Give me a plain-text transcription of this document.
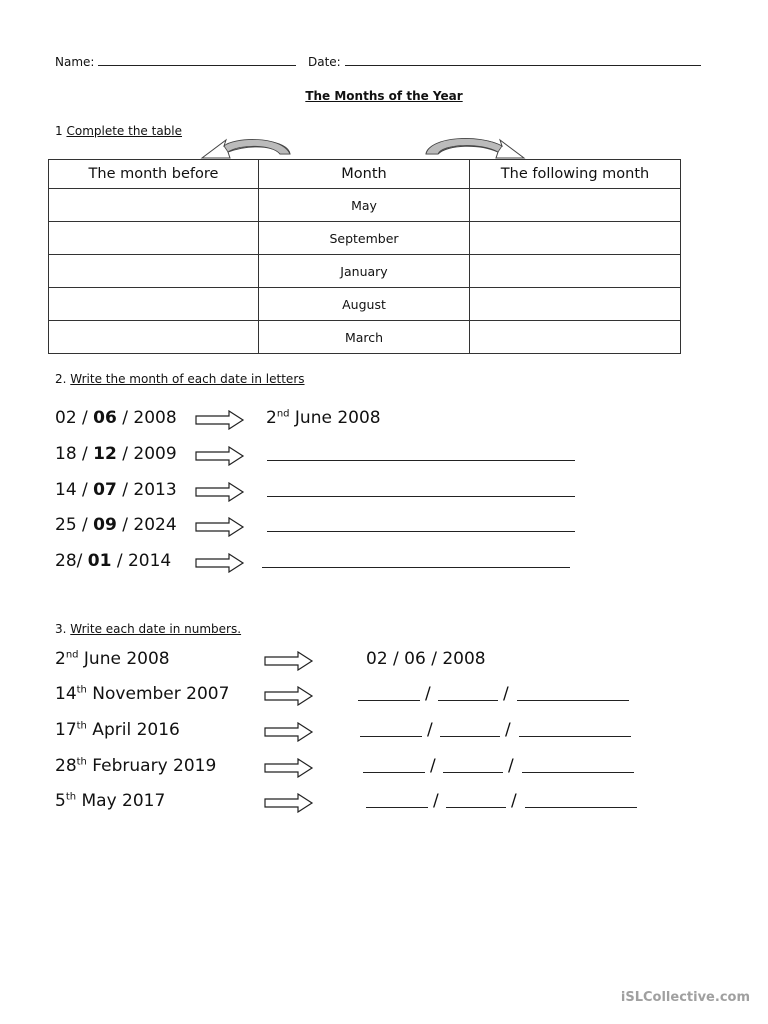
Name:	Date:
The Months of the Year
1 Complete the table
The month before	Month	The following month
	May	
	September	
	January	
	August	
	March	
2. Write the month of each date in letters
02 / 06 / 2008	2nd June 2008
18 / 12 / 2009
14 / 07 / 2013
25 / 09 / 2024
28/ 01 / 2014
3. Write each date in numbers.
2nd June 2008	02 / 06 / 2008
14th November 2007	/	/
17th April 2016	/	/
28th February 2019	/	/
5th May 2017	/	/
iSLCollective.com
